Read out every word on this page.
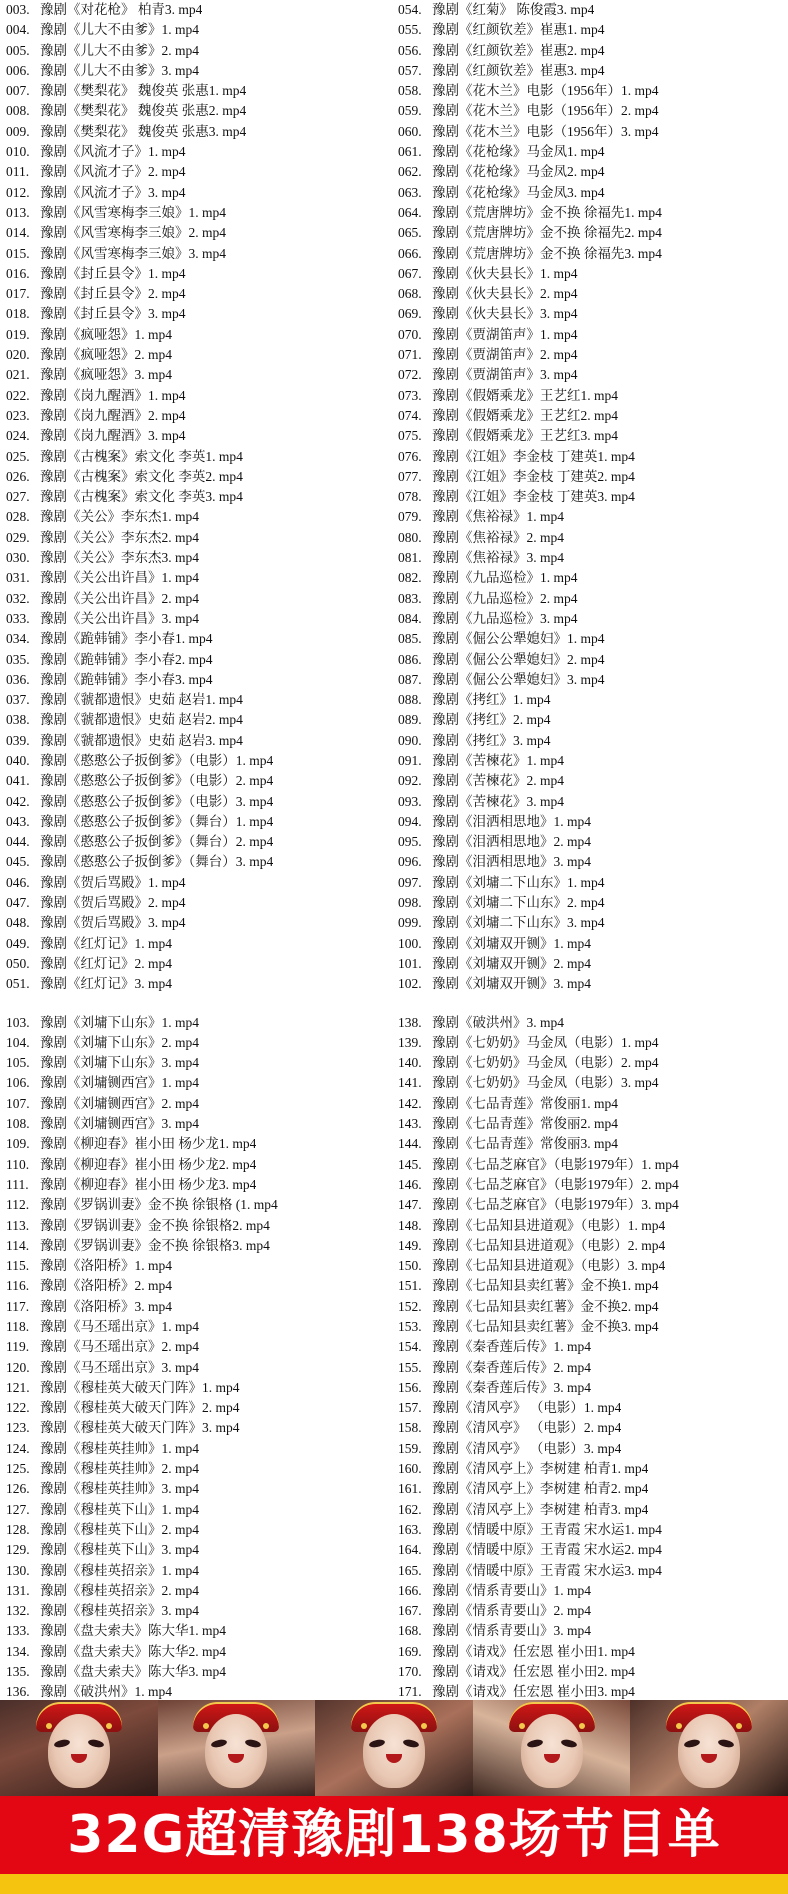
003. 豫剧《对花枪》 柏青3. mp4
004. 豫剧《儿大不由爹》1. mp4
005. 豫剧《儿大不由爹》2. mp4
006. 豫剧《儿大不由爹》3. mp4
007. 豫剧《樊梨花》 魏俊英 张惠1. mp4
008. 豫剧《樊梨花》 魏俊英 张惠2. mp4
009. 豫剧《樊梨花》 魏俊英 张惠3. mp4
010. 豫剧《风流才子》1. mp4
011. 豫剧《风流才子》2. mp4
012. 豫剧《风流才子》3. mp4
013. 豫剧《风雪寒梅李三娘》1. mp4
014. 豫剧《风雪寒梅李三娘》2. mp4
015. 豫剧《风雪寒梅李三娘》3. mp4
016. 豫剧《封丘县令》1. mp4
017. 豫剧《封丘县令》2. mp4
018. 豫剧《封丘县令》3. mp4
019. 豫剧《疯哑怨》1. mp4
020. 豫剧《疯哑怨》2. mp4
021. 豫剧《疯哑怨》3. mp4
022. 豫剧《岗九醒酒》1. mp4
023. 豫剧《岗九醒酒》2. mp4
024. 豫剧《岗九醒酒》3. mp4
025. 豫剧《古槐案》索文化 李英1. mp4
026. 豫剧《古槐案》索文化 李英2. mp4
027. 豫剧《古槐案》索文化 李英3. mp4
028. 豫剧《关公》李东杰1. mp4
029. 豫剧《关公》李东杰2. mp4
030. 豫剧《关公》李东杰3. mp4
031. 豫剧《关公出许昌》1. mp4
032. 豫剧《关公出许昌》2. mp4
033. 豫剧《关公出许昌》3. mp4
034. 豫剧《跪韩铺》李小春1. mp4
035. 豫剧《跪韩铺》李小春2. mp4
036. 豫剧《跪韩铺》李小春3. mp4
037. 豫剧《虢都遗恨》史茹 赵岩1. mp4
038. 豫剧《虢都遗恨》史茹 赵岩2. mp4
039. 豫剧《虢都遗恨》史茹 赵岩3. mp4
040. 豫剧《憨憨公子扳倒爹》（电影）1. mp4
041. 豫剧《憨憨公子扳倒爹》（电影）2. mp4
042. 豫剧《憨憨公子扳倒爹》（电影）3. mp4
043. 豫剧《憨憨公子扳倒爹》（舞台）1. mp4
044. 豫剧《憨憨公子扳倒爹》（舞台）2. mp4
045. 豫剧《憨憨公子扳倒爹》（舞台）3. mp4
046. 豫剧《贺后骂殿》1. mp4
047. 豫剧《贺后骂殿》2. mp4
048. 豫剧《贺后骂殿》3. mp4
049. 豫剧《红灯记》1. mp4
050. 豫剧《红灯记》2. mp4
051. 豫剧《红灯记》3. mp4
054. 豫剧《红菊》 陈俊霞3. mp4
055. 豫剧《红颜钦差》崔惠1. mp4
056. 豫剧《红颜钦差》崔惠2. mp4
057. 豫剧《红颜钦差》崔惠3. mp4
058. 豫剧《花木兰》电影（1956年）1. mp4
059. 豫剧《花木兰》电影（1956年）2. mp4
060. 豫剧《花木兰》电影（1956年）3. mp4
061. 豫剧《花枪缘》马金凤1. mp4
062. 豫剧《花枪缘》马金凤2. mp4
063. 豫剧《花枪缘》马金凤3. mp4
064. 豫剧《荒唐牌坊》金不换 徐福先1. mp4
065. 豫剧《荒唐牌坊》金不换 徐福先2. mp4
066. 豫剧《荒唐牌坊》金不换 徐福先3. mp4
067. 豫剧《伙夫县长》1. mp4
068. 豫剧《伙夫县长》2. mp4
069. 豫剧《伙夫县长》3. mp4
070. 豫剧《贾湖笛声》1. mp4
071. 豫剧《贾湖笛声》2. mp4
072. 豫剧《贾湖笛声》3. mp4
073. 豫剧《假婿乘龙》王艺红1. mp4
074. 豫剧《假婿乘龙》王艺红2. mp4
075. 豫剧《假婿乘龙》王艺红3. mp4
076. 豫剧《江姐》李金枝 丁建英1. mp4
077. 豫剧《江姐》李金枝 丁建英2. mp4
078. 豫剧《江姐》李金枝 丁建英3. mp4
079. 豫剧《焦裕禄》1. mp4
080. 豫剧《焦裕禄》2. mp4
081. 豫剧《焦裕禄》3. mp4
082. 豫剧《九品巡检》1. mp4
083. 豫剧《九品巡检》2. mp4
084. 豫剧《九品巡检》3. mp4
085. 豫剧《倔公公犟媳妇》1. mp4
086. 豫剧《倔公公犟媳妇》2. mp4
087. 豫剧《倔公公犟媳妇》3. mp4
088. 豫剧《拷红》1. mp4
089. 豫剧《拷红》2. mp4
090. 豫剧《拷红》3. mp4
091. 豫剧《苦楝花》1. mp4
092. 豫剧《苦楝花》2. mp4
093. 豫剧《苦楝花》3. mp4
094. 豫剧《泪洒相思地》1. mp4
095. 豫剧《泪洒相思地》2. mp4
096. 豫剧《泪洒相思地》3. mp4
097. 豫剧《刘墉二下山东》1. mp4
098. 豫剧《刘墉二下山东》2. mp4
099. 豫剧《刘墉二下山东》3. mp4
100. 豫剧《刘墉双开铡》1. mp4
101. 豫剧《刘墉双开铡》2. mp4
102. 豫剧《刘墉双开铡》3. mp4
103. 豫剧《刘墉下山东》1. mp4
104. 豫剧《刘墉下山东》2. mp4
105. 豫剧《刘墉下山东》3. mp4
106. 豫剧《刘墉铡西宫》1. mp4
107. 豫剧《刘墉铡西宫》2. mp4
108. 豫剧《刘墉铡西宫》3. mp4
109. 豫剧《柳迎春》崔小田 杨少龙1. mp4
110. 豫剧《柳迎春》崔小田 杨少龙2. mp4
111. 豫剧《柳迎春》崔小田 杨少龙3. mp4
112. 豫剧《罗锅训妻》金不换 徐银格 (1. mp4
113. 豫剧《罗锅训妻》金不换 徐银格2. mp4
114. 豫剧《罗锅训妻》金不换 徐银格3. mp4
115. 豫剧《洛阳桥》1. mp4
116. 豫剧《洛阳桥》2. mp4
117. 豫剧《洛阳桥》3. mp4
118. 豫剧《马丕瑶出京》1. mp4
119. 豫剧《马丕瑶出京》2. mp4
120. 豫剧《马丕瑶出京》3. mp4
121. 豫剧《穆桂英大破天门阵》1. mp4
122. 豫剧《穆桂英大破天门阵》2. mp4
123. 豫剧《穆桂英大破天门阵》3. mp4
124. 豫剧《穆桂英挂帅》1. mp4
125. 豫剧《穆桂英挂帅》2. mp4
126. 豫剧《穆桂英挂帅》3. mp4
127. 豫剧《穆桂英下山》1. mp4
128. 豫剧《穆桂英下山》2. mp4
129. 豫剧《穆桂英下山》3. mp4
130. 豫剧《穆桂英招亲》1. mp4
131. 豫剧《穆桂英招亲》2. mp4
132. 豫剧《穆桂英招亲》3. mp4
133. 豫剧《盘夫索夫》陈大华1. mp4
134. 豫剧《盘夫索夫》陈大华2. mp4
135. 豫剧《盘夫索夫》陈大华3. mp4
136. 豫剧《破洪州》1. mp4
138. 豫剧《破洪州》3. mp4
139. 豫剧《七奶奶》马金凤（电影）1. mp4
140. 豫剧《七奶奶》马金凤（电影）2. mp4
141. 豫剧《七奶奶》马金凤（电影）3. mp4
142. 豫剧《七品青莲》常俊丽1. mp4
143. 豫剧《七品青莲》常俊丽2. mp4
144. 豫剧《七品青莲》常俊丽3. mp4
145. 豫剧《七品芝麻官》（电影1979年）1. mp4
146. 豫剧《七品芝麻官》（电影1979年）2. mp4
147. 豫剧《七品芝麻官》（电影1979年）3. mp4
148. 豫剧《七品知县进道观》（电影）1. mp4
149. 豫剧《七品知县进道观》（电影）2. mp4
150. 豫剧《七品知县进道观》（电影）3. mp4
151. 豫剧《七品知县卖红薯》金不换1. mp4
152. 豫剧《七品知县卖红薯》金不换2. mp4
153. 豫剧《七品知县卖红薯》金不换3. mp4
154. 豫剧《秦香莲后传》1. mp4
155. 豫剧《秦香莲后传》2. mp4
156. 豫剧《秦香莲后传》3. mp4
157. 豫剧《清风亭》 （电影）1. mp4
158. 豫剧《清风亭》 （电影）2. mp4
159. 豫剧《清风亭》 （电影）3. mp4
160. 豫剧《清风亭上》李树建 柏青1. mp4
161. 豫剧《清风亭上》李树建 柏青2. mp4
162. 豫剧《清风亭上》李树建 柏青3. mp4
163. 豫剧《情暖中原》王青霞 宋水运1. mp4
164. 豫剧《情暖中原》王青霞 宋水运2. mp4
165. 豫剧《情暖中原》王青霞 宋水运3. mp4
166. 豫剧《情系青要山》1. mp4
167. 豫剧《情系青要山》2. mp4
168. 豫剧《情系青要山》3. mp4
169. 豫剧《请戏》任宏恩 崔小田1. mp4
170. 豫剧《请戏》任宏恩 崔小田2. mp4
171. 豫剧《请戏》任宏恩 崔小田3. mp4
32G超清豫剧138场节目单
